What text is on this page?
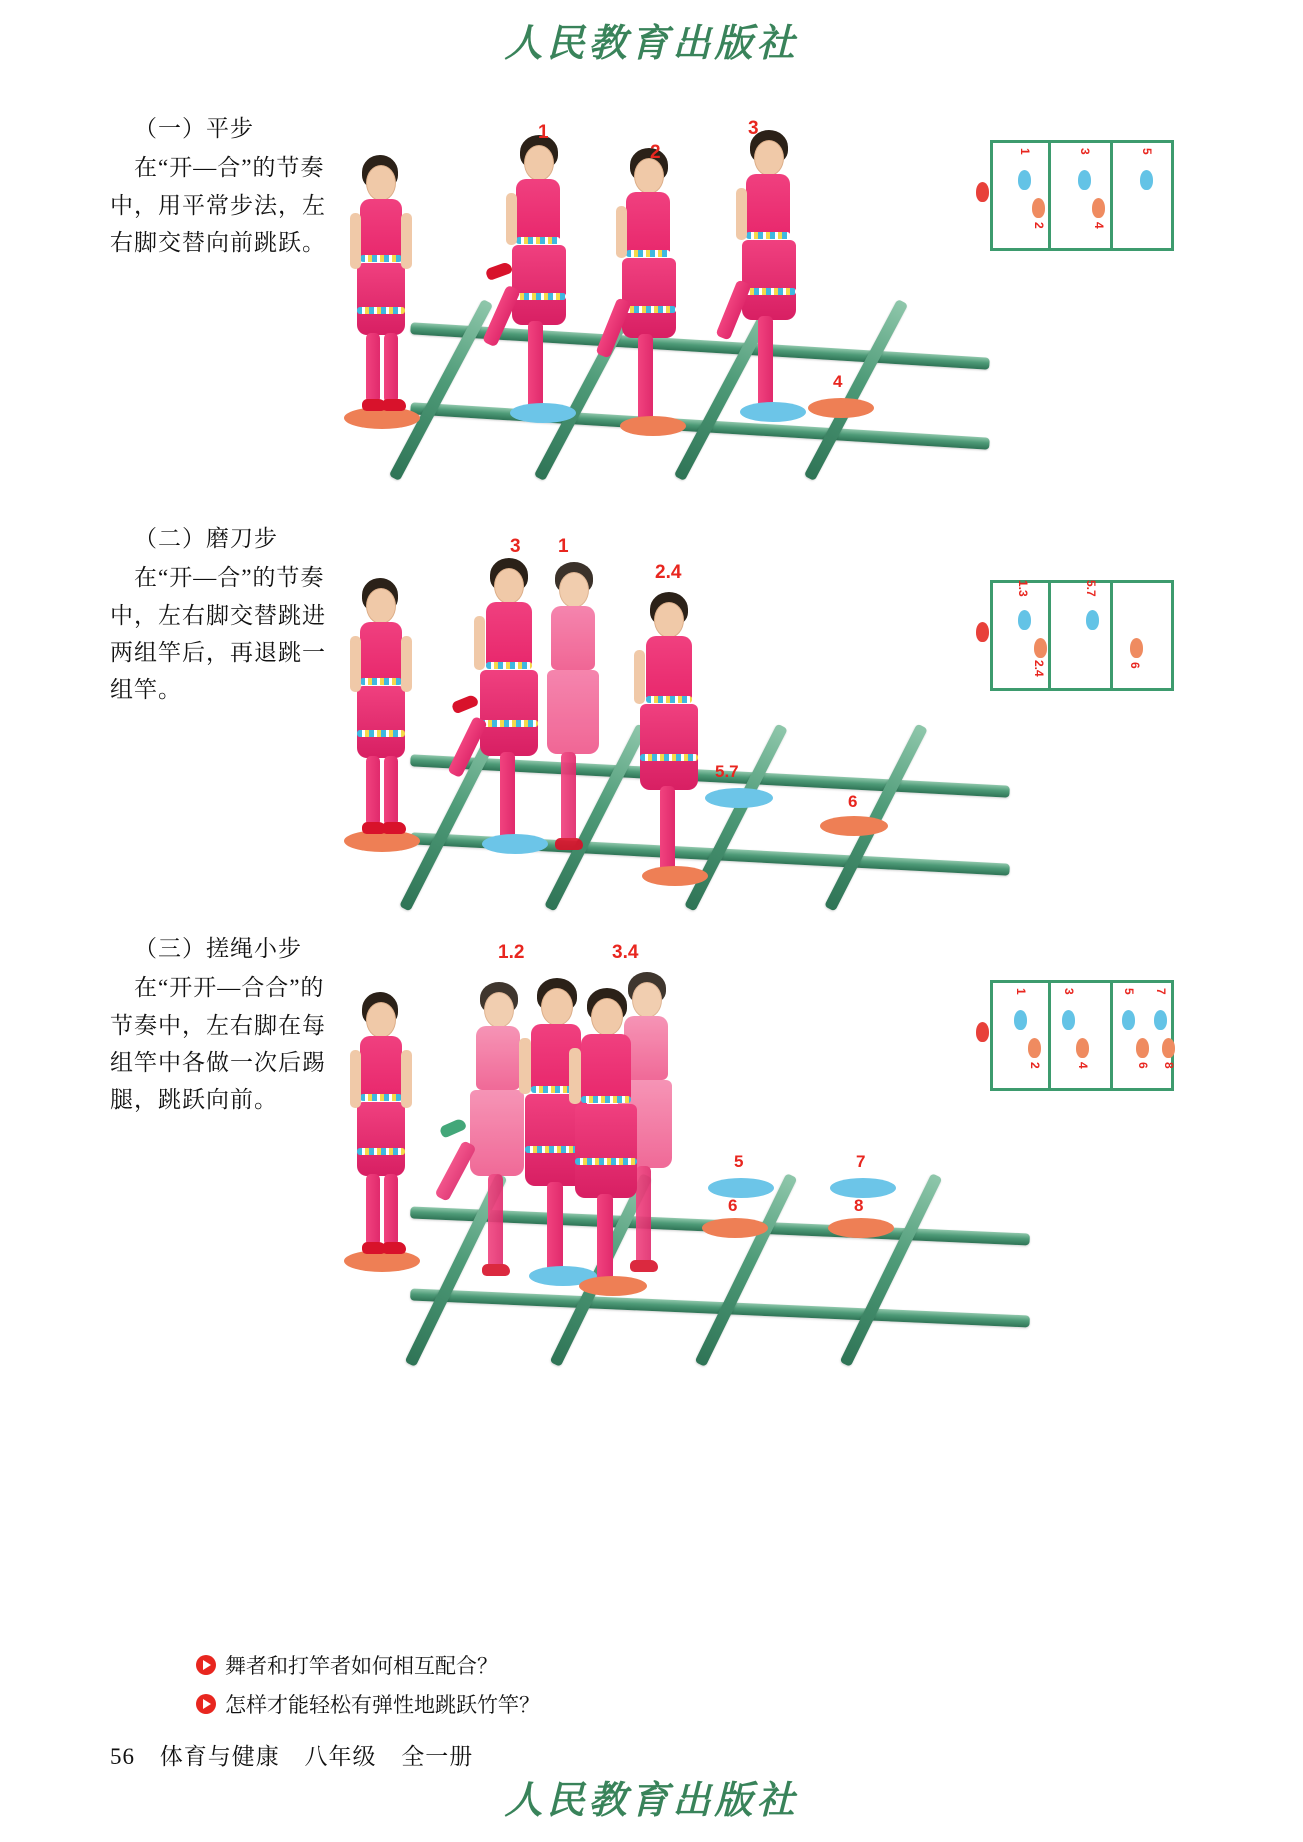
人民教育出版社
（一）平步
在“开—合”的节奏中，用平常步法，左右脚交替向前跳跃。
1
2
3
4
1
2
3
4
5
（二）磨刀步
在“开—合”的节奏中，左右脚交替跳进两组竿后，再退跳一组竿。
3 1
2.4
5.7
6
1.3
2.4
5.7
6
（三）搓绳小步
在“开开—合合”的节奏中，左右脚在每组竿中各做一次后踢腿，跳跃向前。
1.2	3.4
5
6
7
8
1
2
3
4
5
6
7
8
舞者和打竿者如何相互配合？
怎样才能轻松有弹性地跳跃竹竿？
56 体育与健康 八年级 全一册
人民教育出版社
